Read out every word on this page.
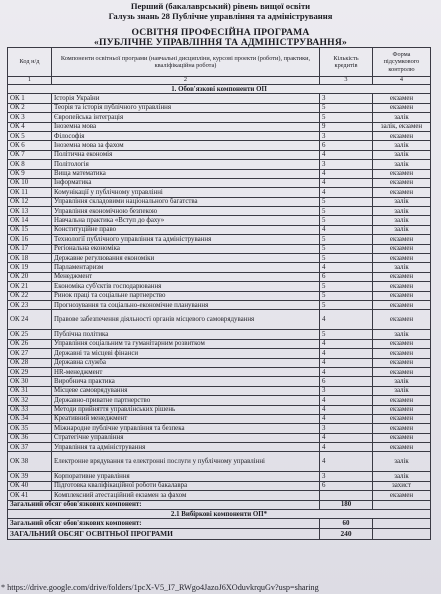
Перший (бакалаврський) рівень вищої освіти
Галузь знань 28 Публічне управління та адміністрування
ОСВІТНЯ ПРОФЕСІЙНА ПРОГРАМА
«ПУБЛІЧНЕ УПРАВЛІННЯ ТА АДМІНІСТРУВАННЯ»
Код н/д	Компоненти освітньої програми (навчальні дисципліни, курсові проекти (роботи), практики, кваліфікаційна робота)	Кількість кредитів	Форма підсумкового контролю
1	2	3	4
1. Обов'язкові компоненти ОП			
ОК 1	Історія України	3	екзамен
ОК 2	Теорія та історія публічного управління	5	екзамен
ОК 3	Європейська інтеграція	5	залік
ОК 4	Іноземна мова	9	залік, екзамен
ОК 5	Філософія	3	екзамен
ОК 6	Іноземна мова за фахом	6	залік
ОК 7	Політична економія	4	залік
ОК 8	Політологія	3	залік
ОК 9	Вища математика	4	екзамен
ОК 10	Інформатика	4	екзамен
ОК 11	Комунікації у публічному управлінні	4	екзамен
ОК 12	Управління складовими національного багатства	5	залік
ОК 13	Управління економічною безпекою	5	залік
ОК 14	Навчальна практика «Вступ до фаху»	5	залік
ОК 15	Конституційне право	4	залік
ОК 16	Технології публічного управління та адміністрування	5	екзамен
ОК 17	Регіональна економіка	5	екзамен
ОК 18	Державне регулювання економіки	5	екзамен
ОК 19	Парламентаризм	4	залік
ОК 20	Менеджмент	6	екзамен
ОК 21	Економіка суб'єктів господарювання	5	екзамен
ОК 22	Ринок праці та соціальне партнерство	5	екзамен
ОК 23	Прогнозування та соціально-економічне планування	5	екзамен
ОК 24	Правове забезпечення діяльності органів місцевого самоврядування	4	екзамен
ОК 25	Публічна політика	5	залік
ОК 26	Управління соціальним та гуманітарним розвитком	4	екзамен
ОК 27	Державні та місцеві фінанси	4	екзамен
ОК 28	Державна служба	4	екзамен
ОК 29	HR-менеджмент	4	екзамен
ОК 30	Виробнича практика	6	залік
ОК 31	Місцеве самоврядування	3	залік
ОК 32	Державно-приватне партнерство	4	екзамен
ОК 33	Методи прийняття управлінських рішень	4	екзамен
ОК 34	Креативний менеджмент	4	екзамен
ОК 35	Міжнародне публічне управління та безпека	3	екзамен
ОК 36	Стратегічне управління	4	екзамен
ОК 37	Управління та адміністрування	4	екзамен
ОК 38	Електронне врядування та електронні послуги у публічному управлінні	4	залік
ОК 39	Корпоративне управління	3	залік
ОК 40	Підготовка кваліфікаційної роботи бакалавра	6	захист
ОК 41	Комплексний атестаційний екзамен за фахом		екзамен
Загальний обсяг обов'язкових компонент:		180	
2.1 Вибіркові компоненти ОП*			
Загальний обсяг обов'язкових компонент:		60	
ЗАГАЛЬНИЙ ОБСЯГ ОСВІТНЬОЇ ПРОГРАМИ		240	
* https://drive.google.com/drive/folders/1pcX-V5_I7_RWgo4JazoJ6XOduvkrquGv?usp=sharing
